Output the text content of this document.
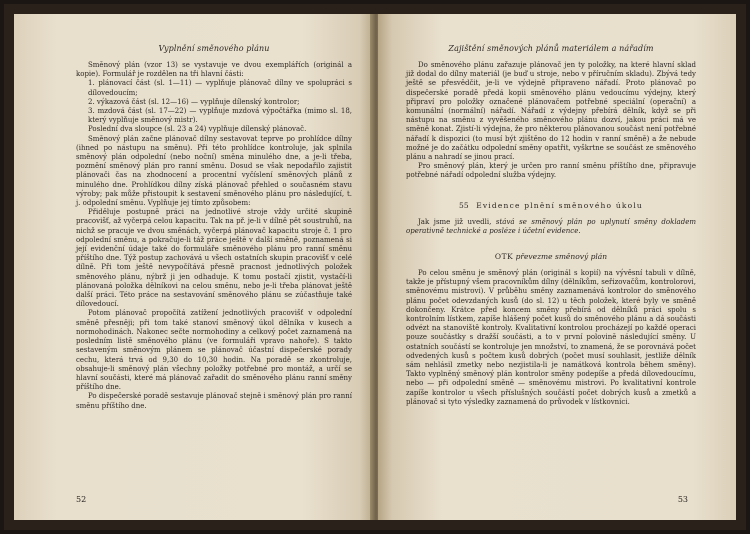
Vyplnění směnového plánu

Směnový plán (vzor 13) se vystavuje ve dvou exemplářích (originál a kopie). Formulář je rozdělen na tři hlavní části:

1. plánovací část (sl. 1—11) — vyplňuje plánovač dílny ve spolupráci s dílovedoucím;

2. výkazová část (sl. 12—16) — vyplňuje dílenský kontrolor;

3. mzdová část (sl. 17—22) — vyplňuje mzdová výpočtářka (mimo sl. 18, který vyplňuje směnový mistr).

Poslední dva sloupce (sl. 23 a 24) vyplňuje dílenský plánovač.

Směnový plán začne plánovač dílny sestavovat teprve po prohlídce dílny (ihned po nástupu na směnu). Při této prohlídce kontroluje, jak splnila směnový plán odpolední (nebo noční) směna minulého dne, a je-li třeba, pozmění směnový plán pro ranní směnu. Dosud se však nepodařilo zajistit plánovači čas na zhodnocení a procentní vyčíslení směnových plánů z minulého dne. Prohlídkou dílny získá plánovač přehled o současném stavu výroby; pak může přistoupit k sestavení směnového plánu pro následující, t. j. odpolední směnu. Vyplňuje jej tímto způsobem:

Přiděluje postupně práci na jednotlivé stroje vždy určité skupině pracovišť, až vyčerpá celou kapacitu. Tak na př. je-li v dílně pět soustruhů, na nichž se pracuje ve dvou směnách, vyčerpá plánovač kapacitu stroje č. 1 pro odpolední směnu, a pokračuje-li táž práce ještě v další směně, poznamená si její evidenční údaje také do formuláře směnového plánu pro ranní směnu příštího dne. Týž postup zachovává u všech ostatních skupin pracovišť v celé dílně. Při tom ještě nevypočítává přesně pracnost jednotlivých položek směnového plánu, nýbrž ji jen odhaduje. K tomu postačí zjistit, vystačí-li plánovaná položka dělníkovi na celou směnu, nebo je-li třeba plánovat ještě další práci. Této práce na sestavování směnového plánu se zúčastňuje také dílovedoucí.

Potom plánovač propočítá zatížení jednotlivých pracovišť v odpolední směně přesněji; při tom také stanoví směnový úkol dělníka v kusech a normohodinách. Nakonec sečte normohodiny a celkový počet zaznamená na posledním listě směnového plánu (ve formuláři vpravo nahoře). S takto sestaveným směnovým plánem se plánovač účastní dispečerské porady cechu, která trvá od 9,30 do 10,30 hodin. Na poradě se zkontroluje, obsahuje-li směnový plán všechny položky potřebné pro montáž, a určí se hlavní součásti, které má plánovač zařadit do směnového plánu ranní směny příštího dne.

Po dispečerské poradě sestavuje plánovač stejně i směnový plán pro ranní směnu příštího dne.

52
Zajištění směnových plánů materiálem a nářadím

Do směnového plánu zařazuje plánovač jen ty položky, na které hlavní sklad již dodal do dílny materiál (je buď u stroje, nebo v příručním skladu). Zbývá tedy ještě se přesvědčit, je-li ve výdejně připraveno nářadí. Proto plánovač po dispečerské poradě předá kopii směnového plánu vedoucímu výdejny, který připraví pro položky označené plánovačem potřebné speciální (operační) a komunální (normální) nářadí. Nářadí z výdejny přebírá dělník, když se při nástupu na směnu z vyvěšeného směnového plánu dozví, jakou práci má ve směně konat. Zjistí-li výdejna, že pro některou plánovanou součást není potřebné nářadí k dispozici (to musí být zjištěno do 12 hodin v ranní směně) a že nebude možné je do začátku odpolední směny opatřit, vyškrtne se součást ze směnového plánu a nahradí se jinou prací.

Pro směnový plán, který je určen pro ranní směnu příštího dne, připravuje potřebné nářadí odpolední služba výdejny.

55 Evidence plnění směnového úkolu

Jak jsme již uvedli, stává se směnový plán po uplynutí směny dokladem operativně technické a posléze i účetní evidence.

OTK převezme směnový plán

Po celou směnu je směnový plán (originál s kopií) na vývěsní tabuli v dílně, takže je přístupný všem pracovníkům dílny (dělníkům, seřizovačům, kontrolorovi, směnovému mistrovi). V průběhu směny zaznamenává kontrolor do směnového plánu počet odevzdaných kusů (do sl. 12) u těch položek, které byly ve směně dokončeny. Krátce před koncem směny přebírá od dělníků práci spolu s kontrolním lístkem, zapíše hlášený počet kusů do směnového plánu a dá součásti odvézt na stanoviště kontroly. Kvalitativní kontrolou procházejí po každé operaci pouze součástky s dražší součásti, a to v první polovině následující směny. U ostatních součástí se kontroluje jen množství, to znamená, že se porovnává počet odvedených kusů s počtem kusů dobrých (počet musí souhlasit, jestliže dělník sám nehlásil zmetky nebo nezjistila-li je namátková kontrola během směny). Takto vyplněný směnový plán kontrolor směny podepíše a předá dílovedoucímu, nebo — při odpolední směně — směnovému mistrovi. Po kvalitativní kontrole zapíše kontrolor u všech příslušných součástí počet dobrých kusů a zmetků a plánovač si tyto výsledky zaznamená do průvodek v lístkovnici.

53
